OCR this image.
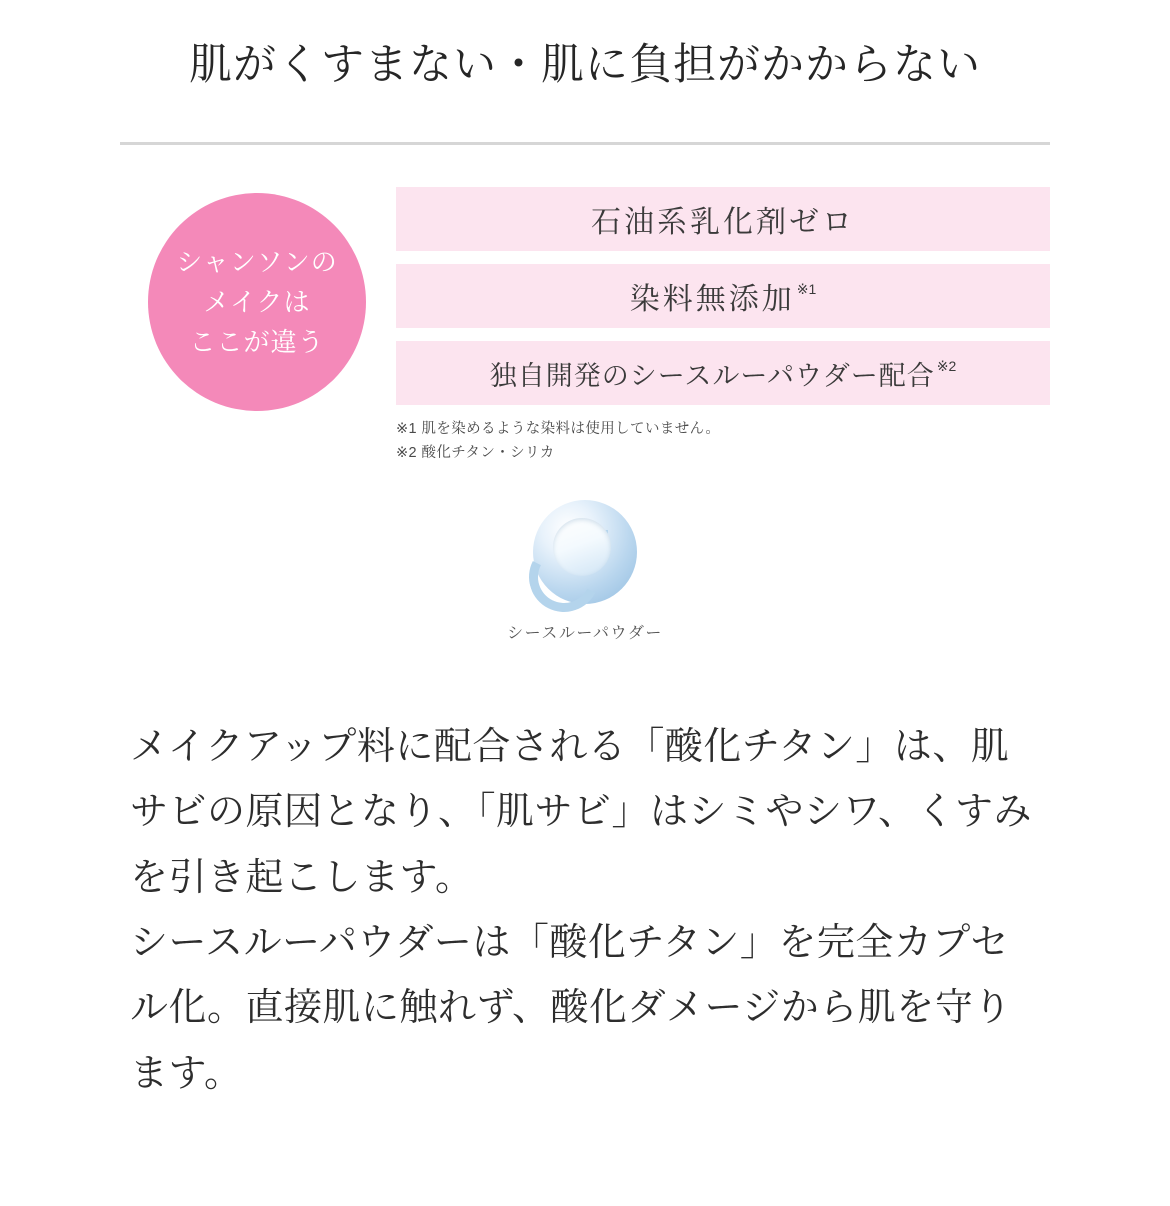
肌がくすまない・肌に負担がかからない
シャンソンの
メイクは
ここが違う
石油系乳化剤ゼロ
染料無添加 ※1
独自開発のシースルーパウダー配合 ※2
※1 肌を染めるような染料は使用していません。
※2 酸化チタン・シリカ
シースルーパウダー

メイクアップ料に配合される「酸化チタン」は、肌サビの原因となり、「肌サビ」はシミやシワ、くすみを引き起こします。

シースルーパウダーは「酸化チタン」を完全カプセル化。直接肌に触れず、酸化ダメージから肌を守ります。
